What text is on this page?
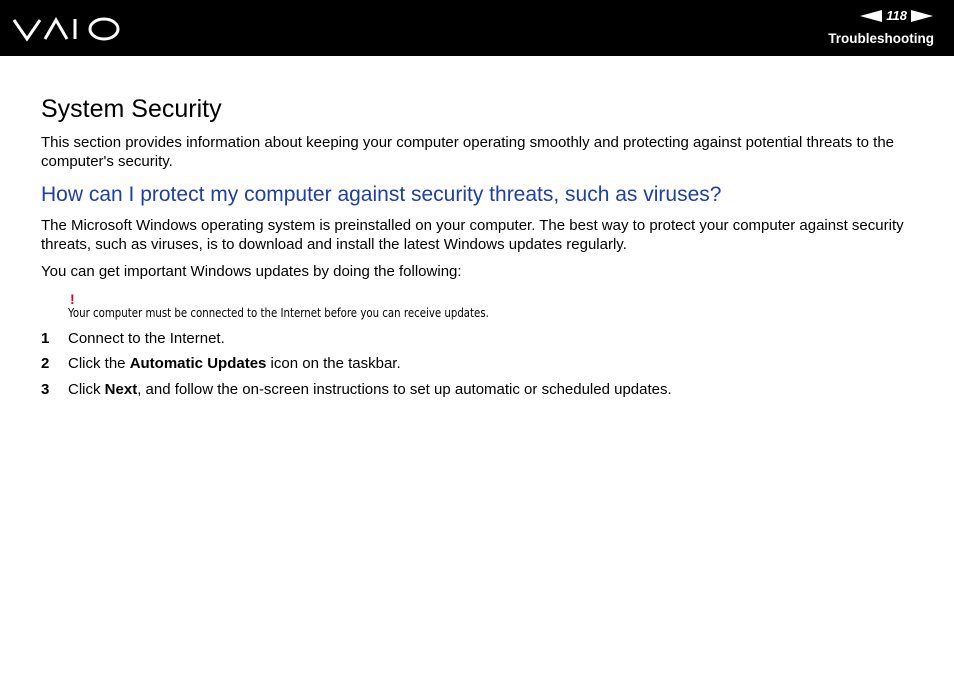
118
Troubleshooting
System Security

This section provides information about keeping your computer operating smoothly and protecting against potential threats to the computer's security.

How can I protect my computer against security threats, such as viruses?

The Microsoft Windows operating system is preinstalled on your computer. The best way to protect your computer against security threats, such as viruses, is to download and install the latest Windows updates regularly.

You can get important Windows updates by doing the following:

!
Your computer must be connected to the Internet before you can receive updates.
1 Connect to the Internet.
2 Click the Automatic Updates icon on the taskbar.
3 Click Next, and follow the on-screen instructions to set up automatic or scheduled updates.
